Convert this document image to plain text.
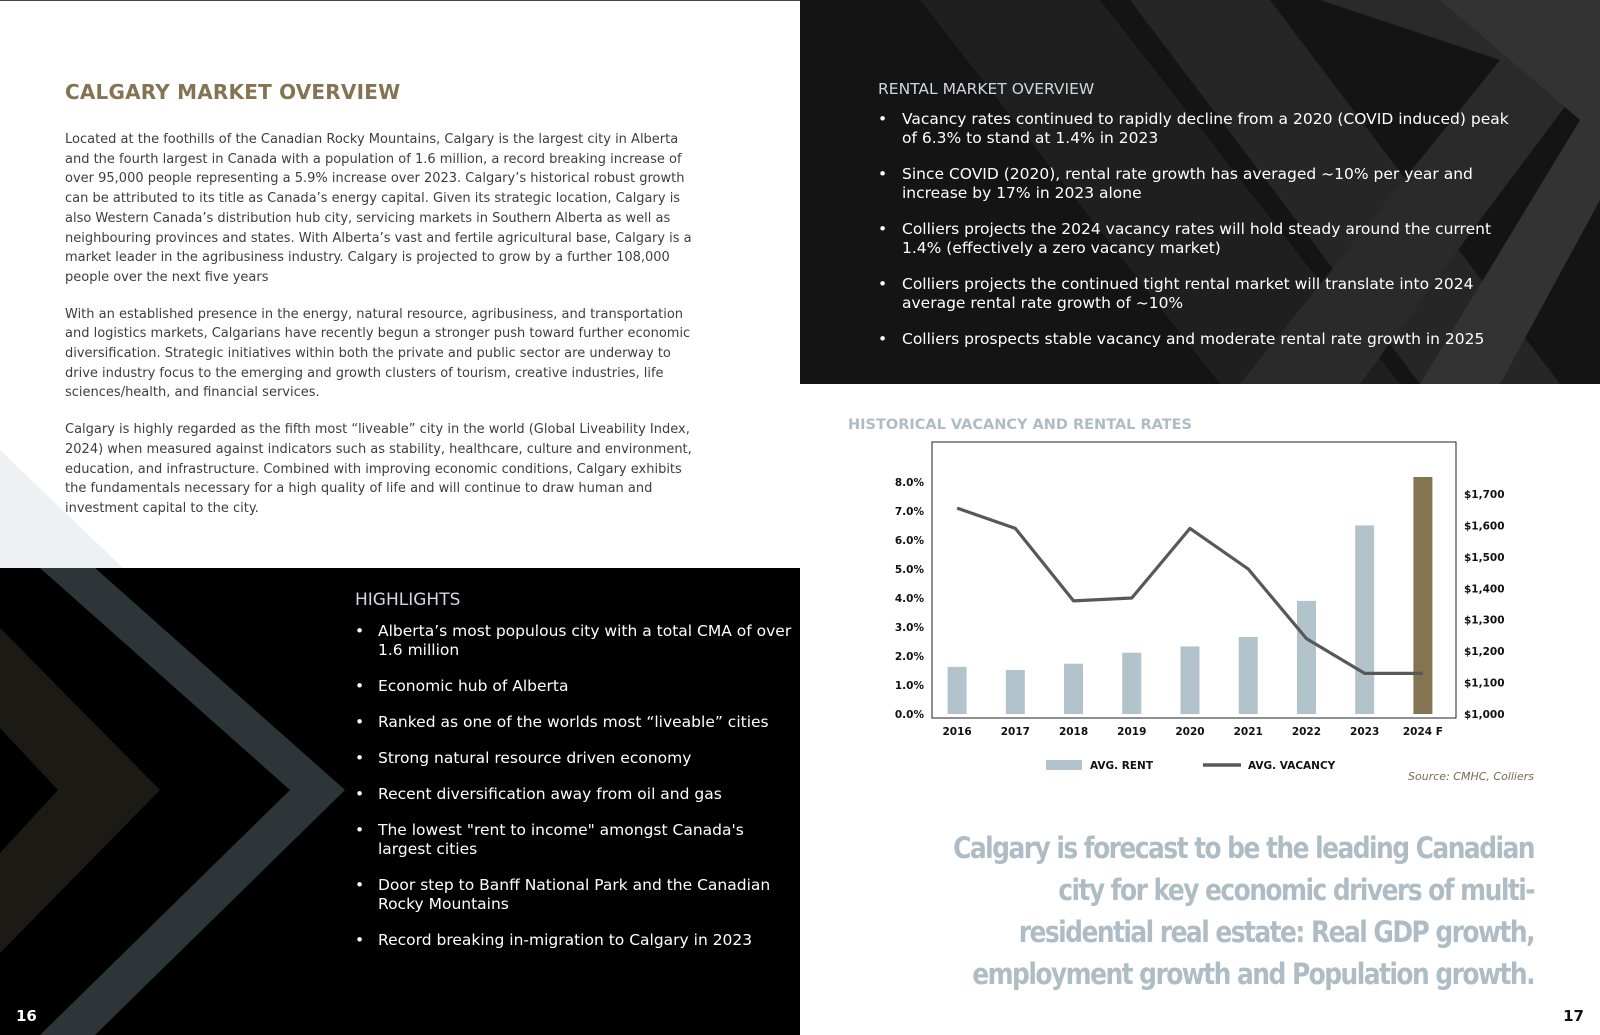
CALGARY MARKET OVERVIEW

Located at the foothills of the Canadian Rocky Mountains, Calgary is the largest city in Alberta and the fourth largest in Canada with a population of 1.6 million, a record breaking increase of over 95,000 people representing a 5.9% increase over 2023. Calgary’s historical robust growth can be attributed to its title as Canada’s energy capital. Given its strategic location, Calgary is also Western Canada’s distribution hub city, servicing markets in Southern Alberta as well as neighbouring provinces and states. With Alberta’s vast and fertile agricultural base, Calgary is a market leader in the agribusiness industry. Calgary is projected to grow by a further 108,000 people over the next five years

With an established presence in the energy, natural resource, agribusiness, and transportation and logistics markets, Calgarians have recently begun a stronger push toward further economic diversification. Strategic initiatives within both the private and public sector are underway to drive industry focus to the emerging and growth clusters of tourism, creative industries, life sciences/health, and financial services.

Calgary is highly regarded as the fifth most “liveable” city in the world (Global Liveability Index, 2024) when measured against indicators such as stability, healthcare, culture and environment, education, and infrastructure. Combined with improving economic conditions, Calgary exhibits the fundamentals necessary for a high quality of life and will continue to draw human and investment capital to the city.

HIGHLIGHTS
• Alberta’s most populous city with a total CMA of over 1.6 million
• Economic hub of Alberta
• Ranked as one of the worlds most “liveable” cities
• Strong natural resource driven economy
• Recent diversification away from oil and gas
• The lowest "rent to income" amongst Canada's largest cities
• Door step to Banff National Park and the Canadian Rocky Mountains
• Record breaking in-migration to Calgary in 2023
16
RENTAL MARKET OVERVIEW
• Vacancy rates continued to rapidly decline from a 2020 (COVID induced) peak of 6.3% to stand at 1.4% in 2023
• Since COVID (2020), rental rate growth has averaged ~10% per year and increase by 17% in 2023 alone
• Colliers projects the 2024 vacancy rates will hold steady around the current 1.4% (effectively a zero vacancy market)
• Colliers projects the continued tight rental market will translate into 2024 average rental rate growth of ~10%
• Colliers prospects stable vacancy and moderate rental rate growth in 2025
HISTORICAL VACANCY AND RENTAL RATES
0.0%
1.0%
2.0%
3.0%
4.0%
5.0%
6.0%
7.0%
8.0%
$1,000
$1,100
$1,200
$1,300
$1,400
$1,500
$1,600
$1,700
2016	2017	2018	2019	2020	2021	2022	2023 2024 F
AVG. RENT	AVG. VACANCY
Source: CMHC, Colliers

Calgary is forecast to be the leading Canadian city for key economic drivers of multi-residential real estate: Real GDP growth, employment growth and Population growth.

17
